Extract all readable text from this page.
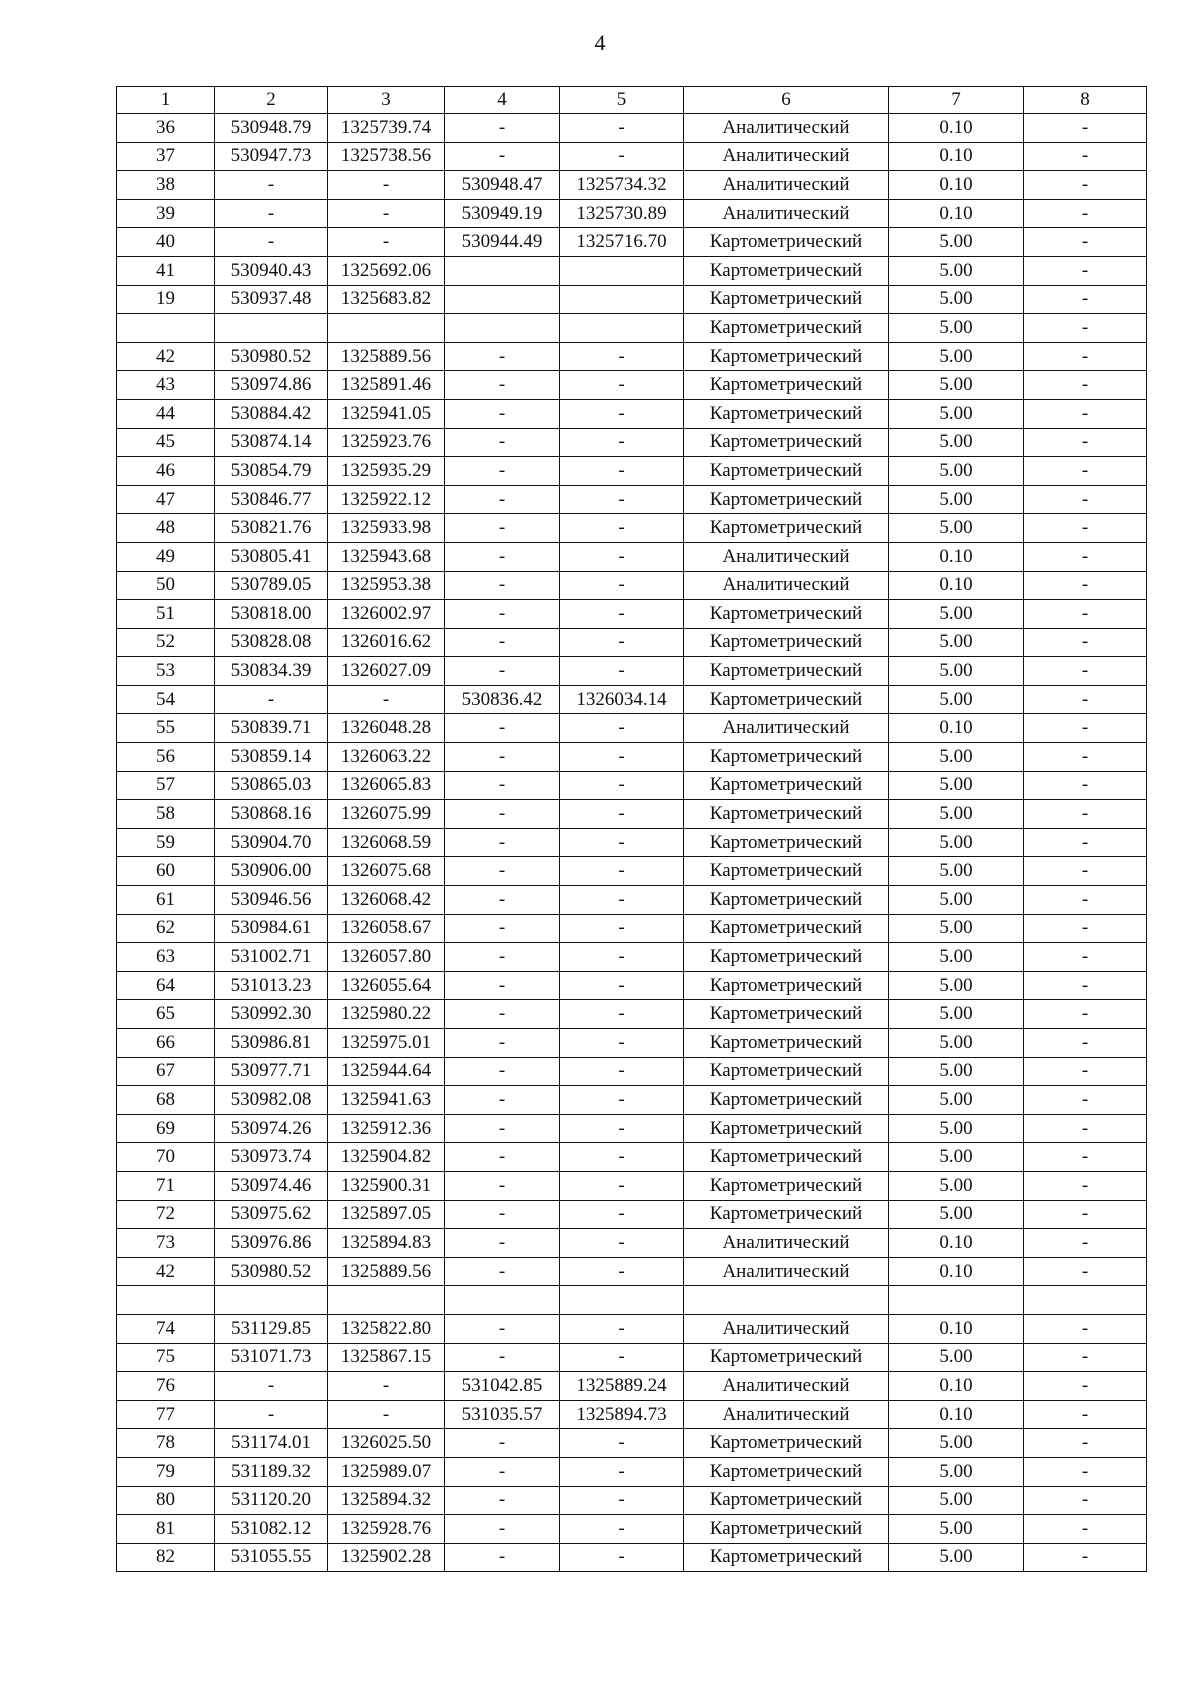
4
1	2	3	4	5	6	7	8
36	530948.79	1325739.74	-	-	Аналитический	0.10	-
37	530947.73	1325738.56	-	-	Аналитический	0.10	-
38	-	-	530948.47	1325734.32	Аналитический	0.10	-
39	-	-	530949.19	1325730.89	Аналитический	0.10	-
40	-	-	530944.49	1325716.70	Картометрический	5.00	-
41	530940.43	1325692.06			Картометрический	5.00	-
19	530937.48	1325683.82			Картометрический	5.00	-
					Картометрический	5.00	-
42	530980.52	1325889.56	-	-	Картометрический	5.00	-
43	530974.86	1325891.46	-	-	Картометрический	5.00	-
44	530884.42	1325941.05	-	-	Картометрический	5.00	-
45	530874.14	1325923.76	-	-	Картометрический	5.00	-
46	530854.79	1325935.29	-	-	Картометрический	5.00	-
47	530846.77	1325922.12	-	-	Картометрический	5.00	-
48	530821.76	1325933.98	-	-	Картометрический	5.00	-
49	530805.41	1325943.68	-	-	Аналитический	0.10	-
50	530789.05	1325953.38	-	-	Аналитический	0.10	-
51	530818.00	1326002.97	-	-	Картометрический	5.00	-
52	530828.08	1326016.62	-	-	Картометрический	5.00	-
53	530834.39	1326027.09	-	-	Картометрический	5.00	-
54	-	-	530836.42	1326034.14	Картометрический	5.00	-
55	530839.71	1326048.28	-	-	Аналитический	0.10	-
56	530859.14	1326063.22	-	-	Картометрический	5.00	-
57	530865.03	1326065.83	-	-	Картометрический	5.00	-
58	530868.16	1326075.99	-	-	Картометрический	5.00	-
59	530904.70	1326068.59	-	-	Картометрический	5.00	-
60	530906.00	1326075.68	-	-	Картометрический	5.00	-
61	530946.56	1326068.42	-	-	Картометрический	5.00	-
62	530984.61	1326058.67	-	-	Картометрический	5.00	-
63	531002.71	1326057.80	-	-	Картометрический	5.00	-
64	531013.23	1326055.64	-	-	Картометрический	5.00	-
65	530992.30	1325980.22	-	-	Картометрический	5.00	-
66	530986.81	1325975.01	-	-	Картометрический	5.00	-
67	530977.71	1325944.64	-	-	Картометрический	5.00	-
68	530982.08	1325941.63	-	-	Картометрический	5.00	-
69	530974.26	1325912.36	-	-	Картометрический	5.00	-
70	530973.74	1325904.82	-	-	Картометрический	5.00	-
71	530974.46	1325900.31	-	-	Картометрический	5.00	-
72	530975.62	1325897.05	-	-	Картометрический	5.00	-
73	530976.86	1325894.83	-	-	Аналитический	0.10	-
42	530980.52	1325889.56	-	-	Аналитический	0.10	-

74	531129.85	1325822.80	-	-	Аналитический	0.10	-
75	531071.73	1325867.15	-	-	Картометрический	5.00	-
76	-	-	531042.85	1325889.24	Аналитический	0.10	-
77	-	-	531035.57	1325894.73	Аналитический	0.10	-
78	531174.01	1326025.50	-	-	Картометрический	5.00	-
79	531189.32	1325989.07	-	-	Картометрический	5.00	-
80	531120.20	1325894.32	-	-	Картометрический	5.00	-
81	531082.12	1325928.76	-	-	Картометрический	5.00	-
82	531055.55	1325902.28	-	-	Картометрический	5.00	-
